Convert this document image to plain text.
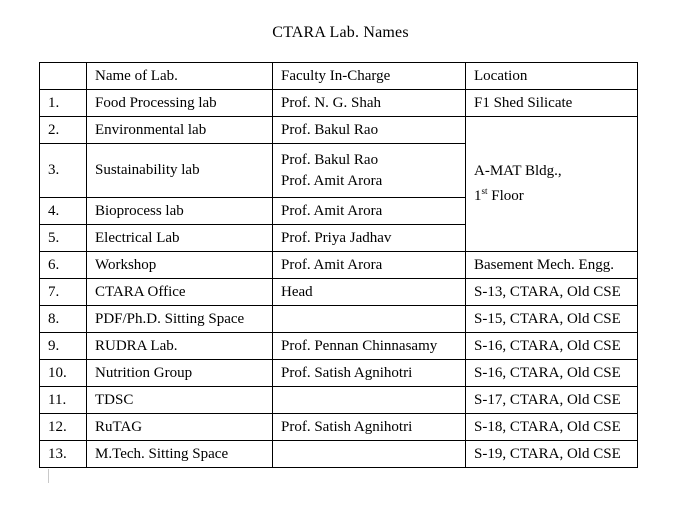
CTARA Lab. Names
	Name of Lab.	Faculty In-Charge	Location
1.	Food Processing lab	Prof. N. G. Shah	F1 Shed Silicate

2.	Environmental lab	Prof. Bakul Rao	A-MAT Bldg.,
1st Floor

3.	Sustainability lab	Prof. Bakul Rao
Prof. Amit Arora	

4.	Bioprocess lab	Prof. Amit Arora	

5.	Electrical Lab	Prof. Priya Jadhav	

6.	Workshop	Prof. Amit Arora	Basement Mech. Engg.

7.	CTARA Office	Head	S-13, CTARA, Old CSE

8.	PDF/Ph.D. Sitting Space		S-15, CTARA, Old CSE

9.	RUDRA Lab.	Prof. Pennan Chinnasamy	S-16, CTARA, Old CSE

10.	Nutrition Group	Prof. Satish Agnihotri	S-16, CTARA, Old CSE

11.	TDSC		S-17, CTARA, Old CSE

12.	RuTAG	Prof. Satish Agnihotri	S-18, CTARA, Old CSE

13.	M.Tech. Sitting Space		S-19, CTARA, Old CSE
